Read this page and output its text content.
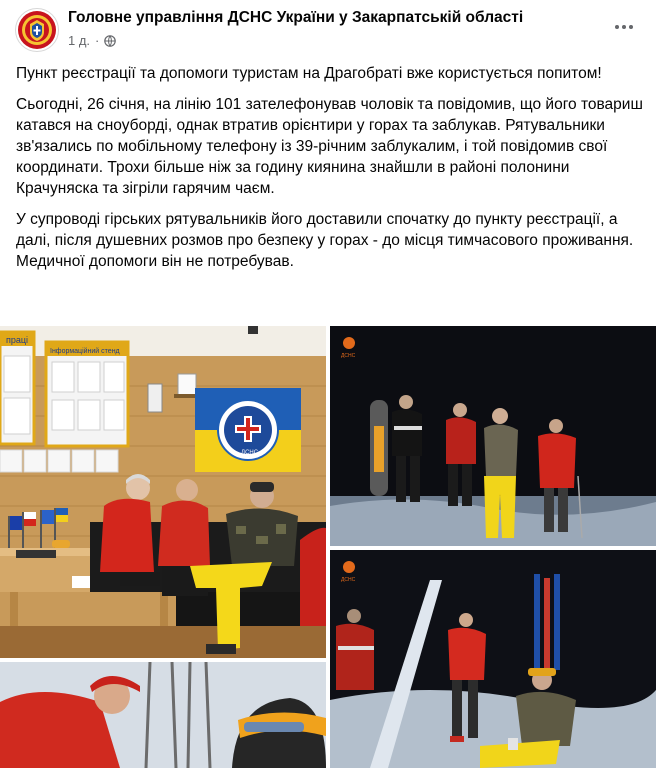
Головне управління ДСНС України у Закарпатській області
1 д. ·

Пункт реєстрації та допомоги туристам на Драгобраті вже користується попитом!

Сьогодні, 26 січня, на лінію 101 зателефонував чоловік та повідомив, що його товариш катався на сноуборді, однак втратив орієнтири у горах та заблукав. Рятувальники зв'язались по мобільному телефону із 39-річним заблукалим, і той повідомив свої координати. Трохи більше ніж за годину киянина знайшли в районі полонини Крачуняска та зігріли гарячим чаєм.

У супроводі гірських рятувальників його доставили спочатку до пункту реєстрації, а далі, після душевних розмов про безпеку у горах - до місця тимчасового проживання.

Медичної допомоги він не потребував.

праці
Інформаційний стенд
ДСНС
ДСНС
ДСНС
